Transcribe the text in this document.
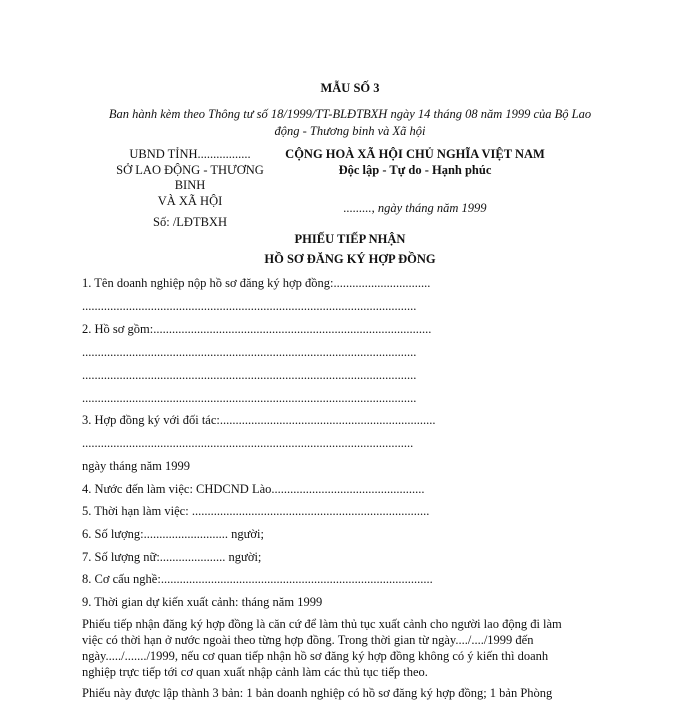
MẪU SỐ 3
Ban hành kèm theo Thông tư số 18/1999/TT-BLĐTBXH ngày 14 tháng 08 năm 1999 của Bộ Lao
động - Thương binh và Xã hội
UBND TỈNH.................
SỞ LAO ĐỘNG - THƯƠNG
BINH
VÀ XÃ HỘI
Số: /LĐTBXH
CỘNG HOÀ XÃ HỘI CHỦ NGHĨA VIỆT NAM
Độc lập - Tự do - Hạnh phúc
........., ngày tháng năm 1999
PHIẾU TIẾP NHẬN
HỒ SƠ ĐĂNG KÝ HỢP ĐỒNG
1. Tên doanh nghiệp nộp hồ sơ đăng ký hợp đồng:...............................
...........................................................................................................
2. Hồ sơ gồm:.........................................................................................
...........................................................................................................
...........................................................................................................
...........................................................................................................
3. Hợp đồng ký với đối tác:.....................................................................
..........................................................................................................
ngày tháng năm 1999
4. Nước đến làm việc: CHDCND Lào.................................................
5. Thời hạn làm việc: ............................................................................
6. Số lượng:........................... người;
7. Số lượng nữ:..................... người;
8. Cơ cấu nghề:.......................................................................................
9. Thời gian dự kiến xuất cảnh: tháng năm 1999
Phiếu tiếp nhận đăng ký hợp đồng là căn cứ để làm thủ tục xuất cảnh cho người lao động đi làm
việc có thời hạn ở nước ngoài theo từng hợp đồng. Trong thời gian từ ngày..../..../1999 đến
ngày...../......./1999, nếu cơ quan tiếp nhận hồ sơ đăng ký hợp đồng không có ý kiến thì doanh
nghiệp trực tiếp tới cơ quan xuất nhập cảnh làm các thủ tục tiếp theo.
Phiếu này được lập thành 3 bản: 1 bản doanh nghiệp có hồ sơ đăng ký hợp đồng; 1 bản Phòng
